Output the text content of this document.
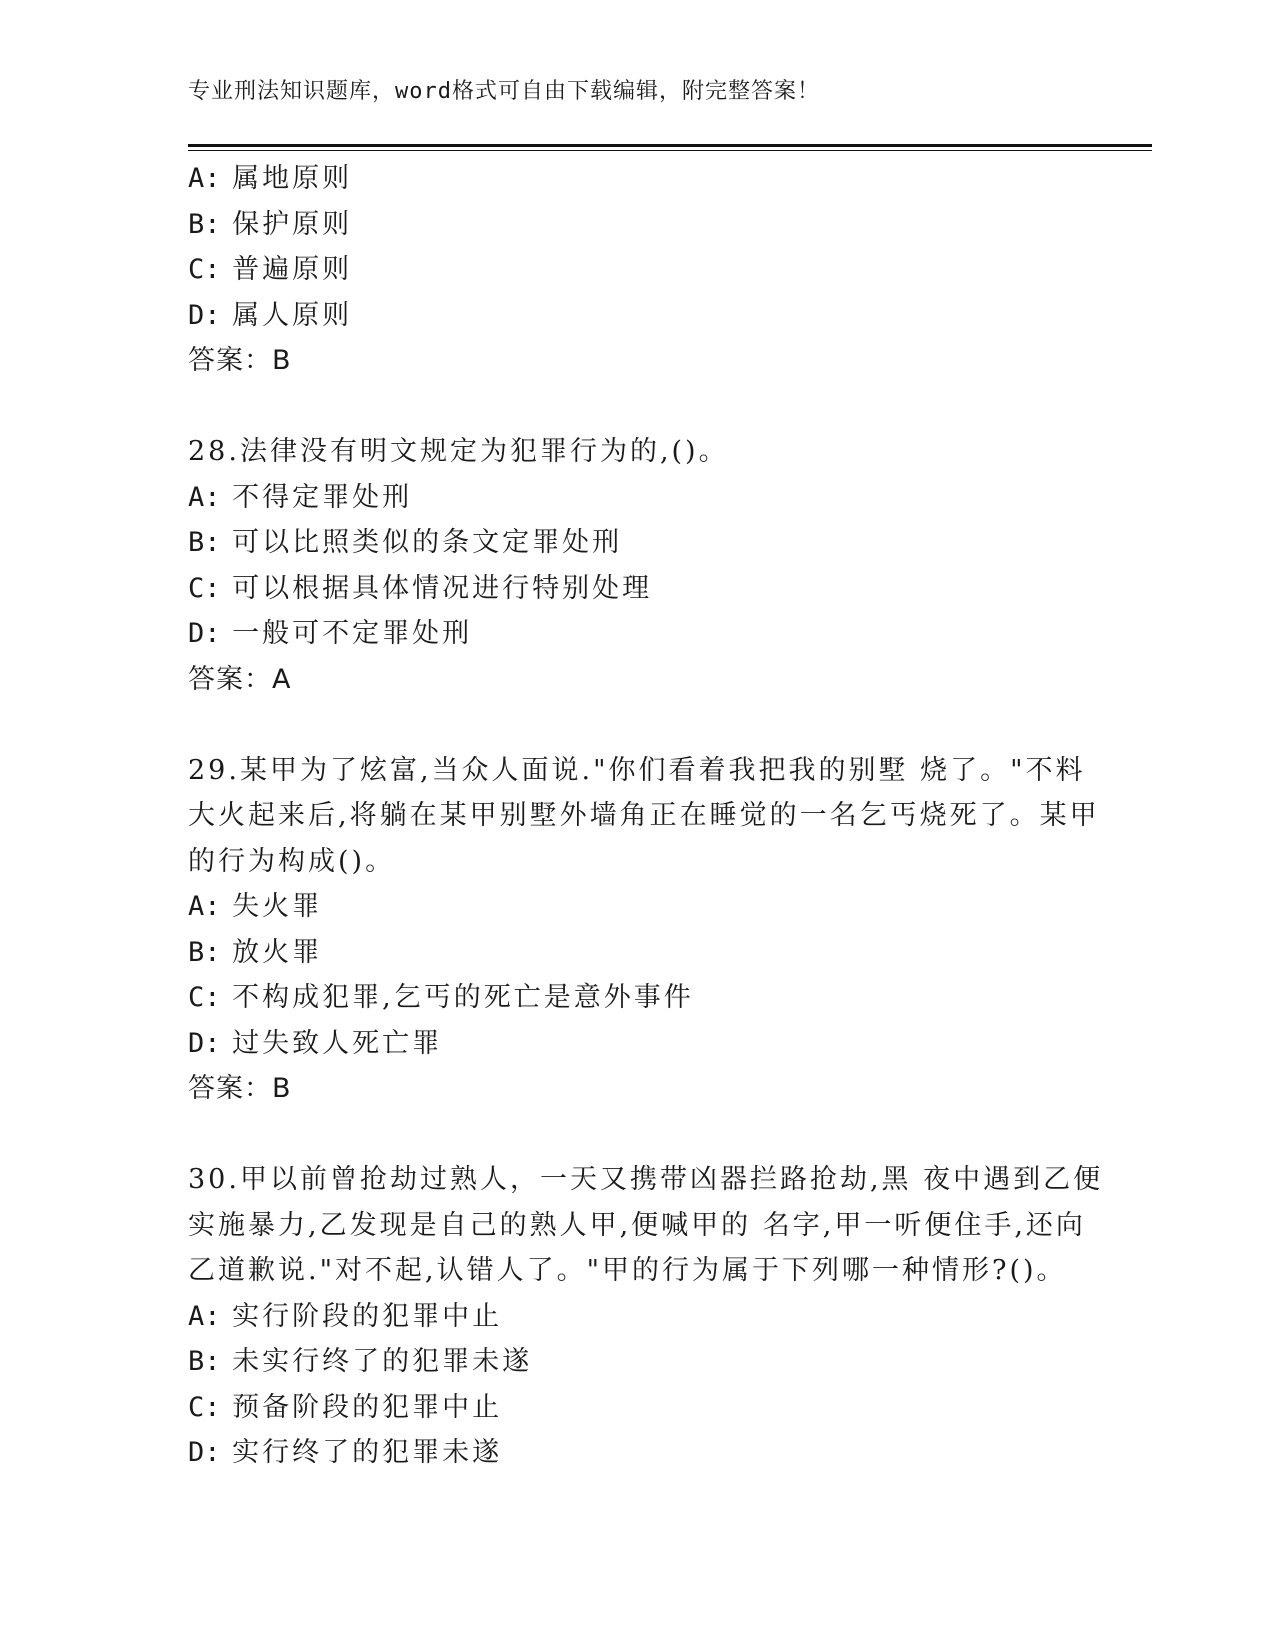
专业刑法知识题库，word格式可自由下载编辑，附完整答案！
A: 属地原则
B: 保护原则
C: 普遍原则
D: 属人原则
答案：B
28.法律没有明文规定为犯罪行为的,()。
A: 不得定罪处刑
B: 可以比照类似的条文定罪处刑
C: 可以根据具体情况进行特别处理
D: 一般可不定罪处刑
答案：A
29.某甲为了炫富,当众人面说."你们看着我把我的别墅 烧了。"不料
大火起来后,将躺在某甲别墅外墙角正在睡觉的一名乞丐烧死了。某甲
的行为构成()。
A: 失火罪
B: 放火罪
C: 不构成犯罪,乞丐的死亡是意外事件
D: 过失致人死亡罪
答案：B
30.甲以前曾抢劫过熟人，一天又携带凶器拦路抢劫,黑 夜中遇到乙便
实施暴力,乙发现是自己的熟人甲,便喊甲的 名字,甲一听便住手,还向
乙道歉说."对不起,认错人了。"甲的行为属于下列哪一种情形?()。
A: 实行阶段的犯罪中止
B: 未实行终了的犯罪未遂
C: 预备阶段的犯罪中止
D: 实行终了的犯罪未遂
